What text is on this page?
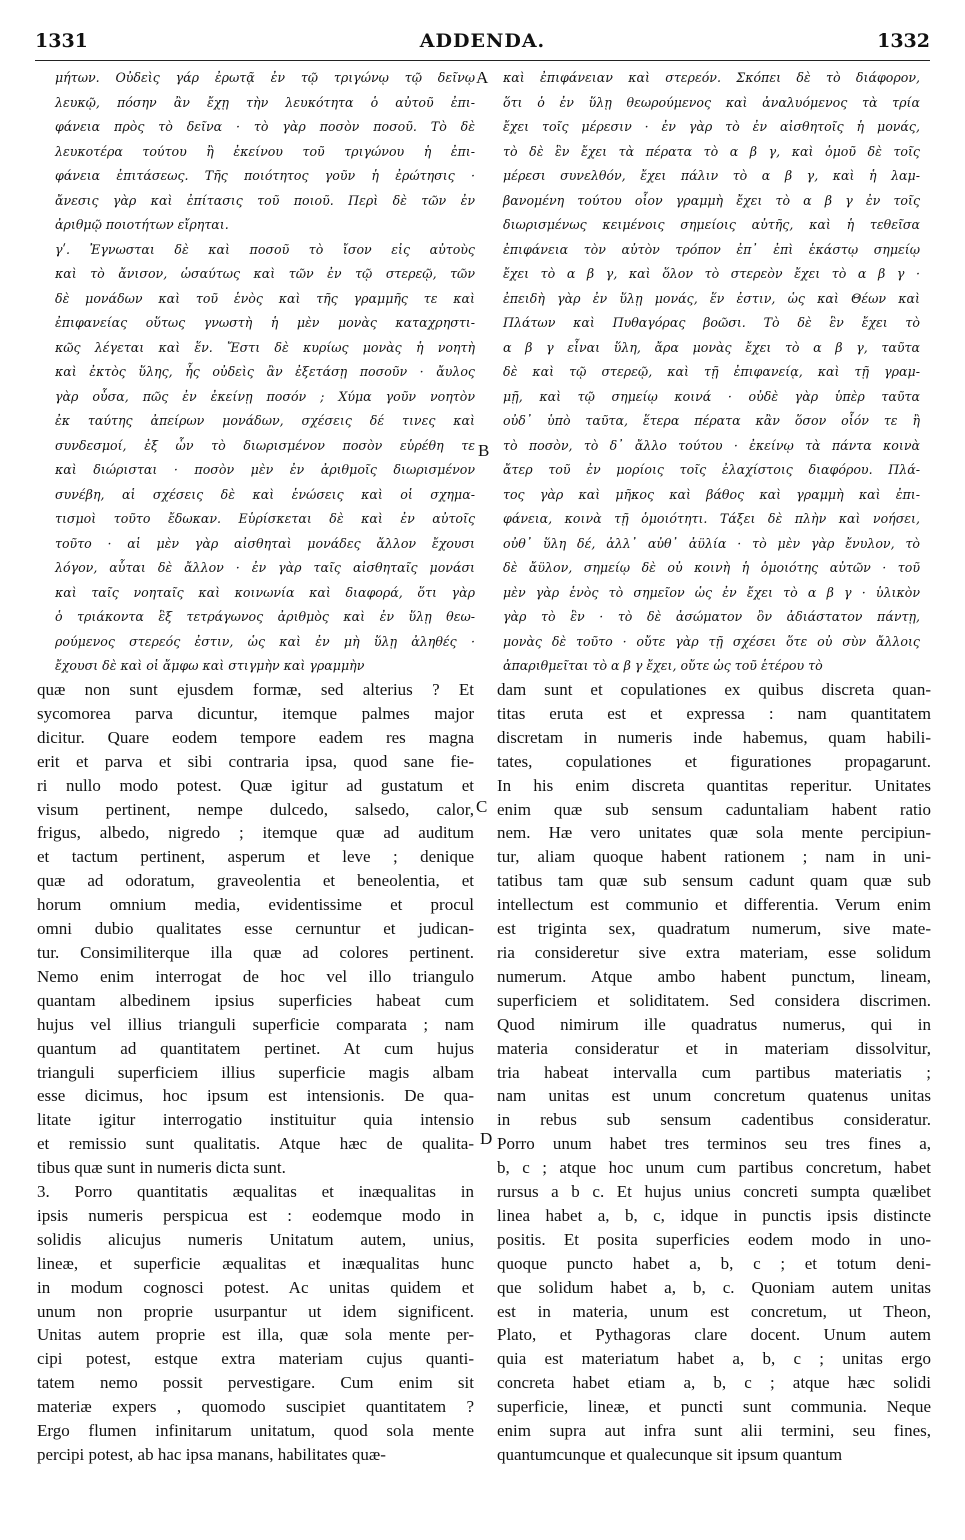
1331	ADDENDA.	1332
μήτων. Οὐδεὶς γάρ ἐρωτᾷ ἐν τῷ τριγώνῳ τῷ δεῖνῳ
λευκῷ, πόσην ἂν ἔχῃ τὴν λευκότητα ὁ αὐτοῦ ἐπι-
φάνεια πρὸς τὸ δεῖνα · τὸ γὰρ ποσὸν ποσοῦ. Τὸ δὲ
λευκοτέρα τούτου ἢ ἐκείνου τοῦ τριγώνου ἡ ἐπι-
φάνεια ἐπιτάσεως. Τῆς ποιότητος γοῦν ἡ ἐρώτησις ·
ἄνεσις γὰρ καὶ ἐπίτασις τοῦ ποιοῦ. Περὶ δὲ τῶν ἐν
ἀριθμῷ ποιοτήτων εἴρηται.
γʹ. Ἐγνωσται δὲ καὶ ποσοῦ τὸ ἴσον εἰς αὐτοὺς
καὶ τὸ ἄνισον, ὡσαύτως καὶ τῶν ἐν τῷ στερεῷ, τῶν
δὲ μονάδων καὶ τοῦ ἑνὸς καὶ τῆς γραμμῆς τε καὶ
ἐπιφανείας οὕτως γνωστὴ ἡ μὲν μονὰς καταχρηστι-
κῶς λέγεται καὶ ἕν. Ἔστι δὲ κυρίως μονὰς ἡ νοητὴ
καὶ ἐκτὸς ὕλης, ἧς οὐδεὶς ἂν ἐξετάσῃ ποσοῦν · ἄυλος
γὰρ οὖσα, πῶς ἐν ἐκείνῃ ποσόν ; Χύμα γοῦν νοητὸν
ἐκ ταύτης ἀπείρων μονάδων, σχέσεις δέ τινες καὶ
συνδεσμοί, ἐξ ὧν τὸ διωρισμένον ποσὸν εὑρέθη τε
καὶ διώρισται · ποσὸν μὲν ἐν ἀριθμοῖς διωρισμένον
συνέβη, αἱ σχέσεις δὲ καὶ ἑνώσεις καὶ οἱ σχημα-
τισμοὶ τοῦτο ἔδωκαν. Εὑρίσκεται δὲ καὶ ἐν αὐτοῖς
τοῦτο · αἱ μὲν γὰρ αἰσθηταὶ μονάδες ἄλλον ἔχουσι
λόγον, αὗται δὲ ἄλλον · ἐν γὰρ ταῖς αἰσθηταῖς μονάσι
καὶ ταῖς νοηταῖς καὶ κοινωνία καὶ διαφορά, ὅτι γὰρ
ὁ τριάκοντα ἓξ τετράγωνος ἀριθμὸς καὶ ἐν ὕλῃ θεω-
ρούμενος στερεός ἐστιν, ὡς καὶ ἐν μὴ ὕλῃ ἀληθές ·
ἔχουσι δὲ καὶ οἱ ἄμφω καὶ στιγμὴν καὶ γραμμὴν
καὶ ἐπιφάνειαν καὶ στερεόν. Σκόπει δὲ τὸ διάφορον,
ὅτι ὁ ἐν ὕλῃ θεωρούμενος καὶ ἀναλυόμενος τὰ τρία
ἔχει τοῖς μέρεσιν · ἐν γὰρ τὸ ἐν αἰσθητοῖς ἡ μονάς,
τὸ δὲ ἓν ἔχει τὰ πέρατα τὸ α β γ, καὶ ὁμοῦ δὲ τοῖς
μέρεσι συνελθόν, ἔχει πάλιν τὸ α β γ, καὶ ἡ λαμ-
βανομένη τούτου οἷον γραμμὴ ἔχει τὸ α β γ ἐν τοῖς
διωρισμένως κειμένοις σημείοις αὐτῆς, καὶ ἡ τεθεῖσα
ἐπιφάνεια τὸν αὐτὸν τρόπον ἐπ᾽ ἐπὶ ἑκάστῳ σημείῳ
ἔχει τὸ α β γ, καὶ ὅλον τὸ στερεὸν ἔχει τὸ α β γ ·
ἐπειδὴ γὰρ ἐν ὕλῃ μονάς, ἕν ἐστιν, ὡς καὶ Θέων καὶ
Πλάτων καὶ Πυθαγόρας βοῶσι. Τὸ δὲ ἓν ἔχει τὸ
α β γ εἶναι ὕλη, ἄρα μονὰς ἔχει τὸ α β γ, ταῦτα
δὲ καὶ τῷ στερεῷ, καὶ τῇ ἐπιφανείᾳ, καὶ τῇ γραμ-
μῇ, καὶ τῷ σημείῳ κοινά · οὐδὲ γὰρ ὑπὲρ ταῦτα
οὐδ᾽ ὑπὸ ταῦτα, ἕτερα πέρατα κἂν ὅσον οἷόν τε ἢ
τὸ ποσὸν, τὸ δ᾽ ἄλλο τούτου · ἐκείνῳ τὰ πάντα κοινὰ
ἄτερ τοῦ ἐν μορίοις τοῖς ἐλαχίστοις διαφόρου. Πλά-
τος γὰρ καὶ μῆκος καὶ βάθος καὶ γραμμὴ καὶ ἐπι-
φάνεια, κοινὰ τῇ ὁμοιότητι. Τάξει δὲ πλὴν καὶ νοήσει,
οὐθ᾽ ὕλη δέ, ἀλλ᾽ αὐθ᾽ ἀϋλία · τὸ μὲν γὰρ ἔνυλον, τὸ
δὲ ἄϋλον, σημείῳ δὲ οὐ κοινὴ ἡ ὁμοιότης αὐτῶν · τοῦ
μὲν γὰρ ἑνὸς τὸ σημεῖον ὡς ἐν ἔχει τὸ α β γ · ὑλικὸν
γὰρ τὸ ἓν · τὸ δὲ ἀσώματον ὂν ἀδιάστατον πάντῃ,
μονὰς δὲ τοῦτο · οὔτε γὰρ τῇ σχέσει ὅτε οὐ σὺν ἄλλοις
ἀπαριθμεῖται τὸ α β γ ἔχει, οὔτε ὡς τοῦ ἑτέρου τὸ
quæ non sunt ejusdem formæ, sed alterius ? Et
sycomorea parva dicuntur, itemque palmes major
dicitur. Quare eodem tempore eadem res magna
erit et parva et sibi contraria ipsa, quod sane fie-
ri nullo modo potest. Quæ igitur ad gustatum et
visum pertinent, nempe dulcedo, salsedo, calor,
frigus, albedo, nigredo ; itemque quæ ad auditum
et tactum pertinent, asperum et leve ; denique
quæ ad odoratum, graveolentia et beneolentia, et
horum omnium media, evidentissime et procul
omni dubio qualitates esse cernuntur et judican-
tur. Consimiliterque illa quæ ad colores pertinent.
Nemo enim interrogat de hoc vel illo triangulo
quantam albedinem ipsius superficies habeat cum
hujus vel illius trianguli superficie comparata ; nam
quantum ad quantitatem pertinet. At cum hujus
trianguli superficiem illius superficie magis albam
esse dicimus, hoc ipsum est intensionis. De qua-
litate igitur interrogatio instituitur quia intensio
et remissio sunt qualitatis. Atque hæc de qualita-
tibus quæ sunt in numeris dicta sunt.
3. Porro quantitatis æqualitas et inæqualitas in
ipsis numeris perspicua est : eodemque modo in
solidis alicujus numeris Unitatum autem, unius,
lineæ, et superficie æqualitas et inæqualitas hunc
in modum cognosci potest. Ac unitas quidem et
unum non proprie usurpantur ut idem significent.
Unitas autem proprie est illa, quæ sola mente per-
cipi potest, estque extra materiam cujus quanti-
tatem nemo possit pervestigare. Cum enim sit
materiæ expers , quomodo suscipiet quantitatem ?
Ergo flumen infinitarum unitatum, quod sola mente
percipi potest, ab hac ipsa manans, habilitates quæ-
dam sunt et copulationes ex quibus discreta quan-
titas eruta est et expressa : nam quantitatem
discretam in numeris inde habemus, quam habili-
tates, copulationes et figurationes propagarunt.
In his enim discreta quantitas reperitur. Unitates
enim quæ sub sensum caduntaliam habent ratio
nem. Hæ vero unitates quæ sola mente percipiun-
tur, aliam quoque habent rationem ; nam in uni-
tatibus tam quæ sub sensum cadunt quam quæ sub
intellectum est communio et differentia. Verum enim
est triginta sex, quadratum numerum, sive mate-
ria consideretur sive extra materiam, esse solidum
numerum. Atque ambo habent punctum, lineam,
superficiem et soliditatem. Sed considera discrimen.
Quod nimirum ille quadratus numerus, qui in
materia consideratur et in materiam dissolvitur,
tria habeat intervalla cum partibus materiatis ;
nam unitas est unum concretum quatenus unitas
in rebus sub sensum cadentibus consideratur.
Porro unum habet tres terminos seu tres fines a,
b, c ; atque hoc unum cum partibus concretum, habet
rursus a b c. Et hujus unius concreti sumpta quælibet
linea habet a, b, c, idque in punctis ipsis distincte
positis. Et posita superficies eodem modo in uno-
quoque puncto habet a, b, c ; et totum deni-
que solidum habet a, b, c. Quoniam autem unitas
est in materia, unum est concretum, ut Theon,
Plato, et Pythagoras clare docent. Unum autem
quia est materiatum habet a, b, c ; unitas ergo
concreta habet etiam a, b, c ; atque hæc solidi
superficie, lineæ, et puncti sunt communia. Neque
enim supra aut infra sunt alii termini, seu fines,
quantumcunque et qualecunque sit ipsum quantum
A
B
C
D
